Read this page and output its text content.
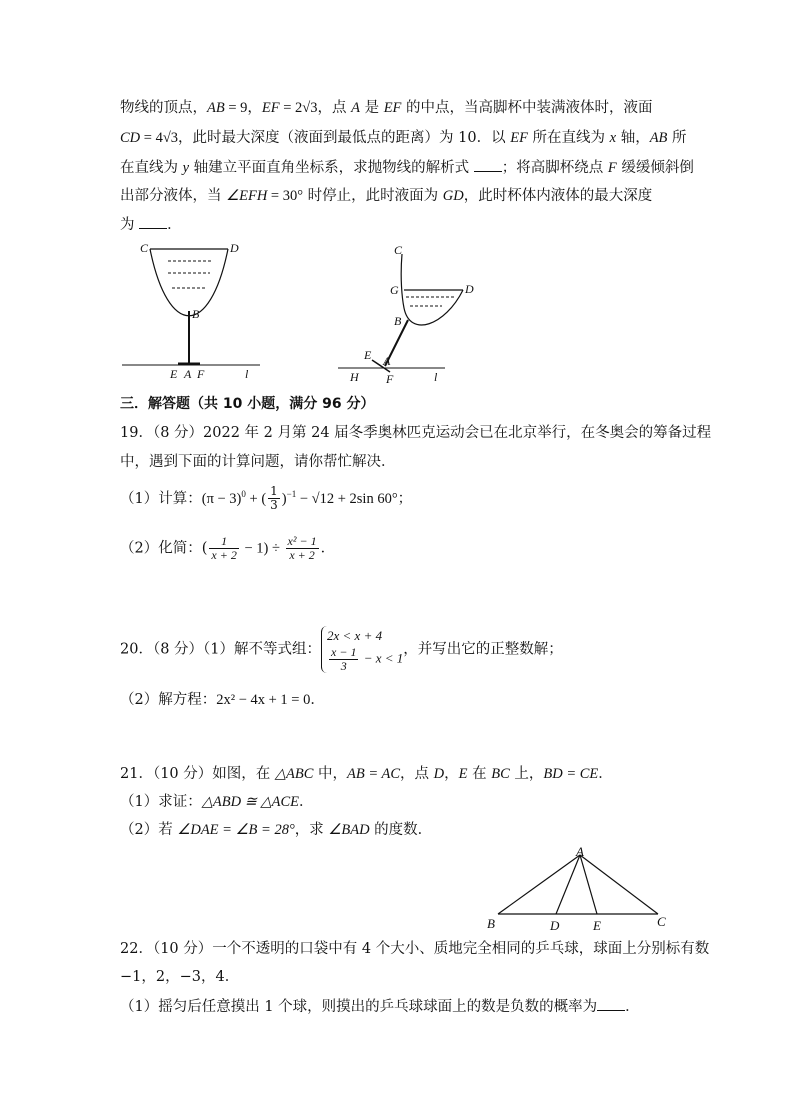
物线的顶点，AB = 9，EF = 2√3，点 A 是 EF 的中点，当高脚杯中装满液体时，液面
CD = 4√3，此时最大深度（液面到最低点的距离）为 10．以 EF 所在直线为 x 轴，AB 所
在直线为 y 轴建立平面直角坐标系，求抛物线的解析式 ；将高脚杯绕点 F 缓缓倾斜倒
出部分液体，当 ∠EFH = 30° 时停止，此时液面为 GD，此时杯体内液体的最大深度
为 ．
C	D
B
E A F	l
C
G	D
B
E A
H F	l
三．解答题（共 10 小题，满分 96 分）
19．（8 分）2022 年 2 月第 24 届冬季奥林匹克运动会已在北京举行，在冬奥会的筹备过程
中，遇到下面的计算问题，请你帮忙解决．
（1）计算：$(\pi - 3)^0$ + ( $\frac{1}{3} )^{-1} - √12 + 2\sin$ 60°；
（2）化简：( $\frac{1}{x + 2} - 1) \div \frac{\text{x² − 1}}{x + 2}$ ．
20．（8 分）（1）解不等式组：
2x < x + 4
$\frac{x - 1}{3} - x < 1$
，并写出它的正整数解；
（2）解方程：2x² − 4x + 1 = 0．
21．（10 分）如图，在 △ABC 中，AB = AC，点 D，E 在 BC 上，BD = CE．
（1）求证：△ABD ≅ △ACE．
（2）若 ∠DAE = ∠B = 28°，求 ∠BAD 的度数．
A
B	D	E	C
22．（10 分）一个不透明的口袋中有 4 个大小、质地完全相同的乒乓球，球面上分别标有数
−1，2，−3，4．
（1）摇匀后任意摸出 1 个球，则摸出的乒乓球球面上的数是负数的概率为 ．
